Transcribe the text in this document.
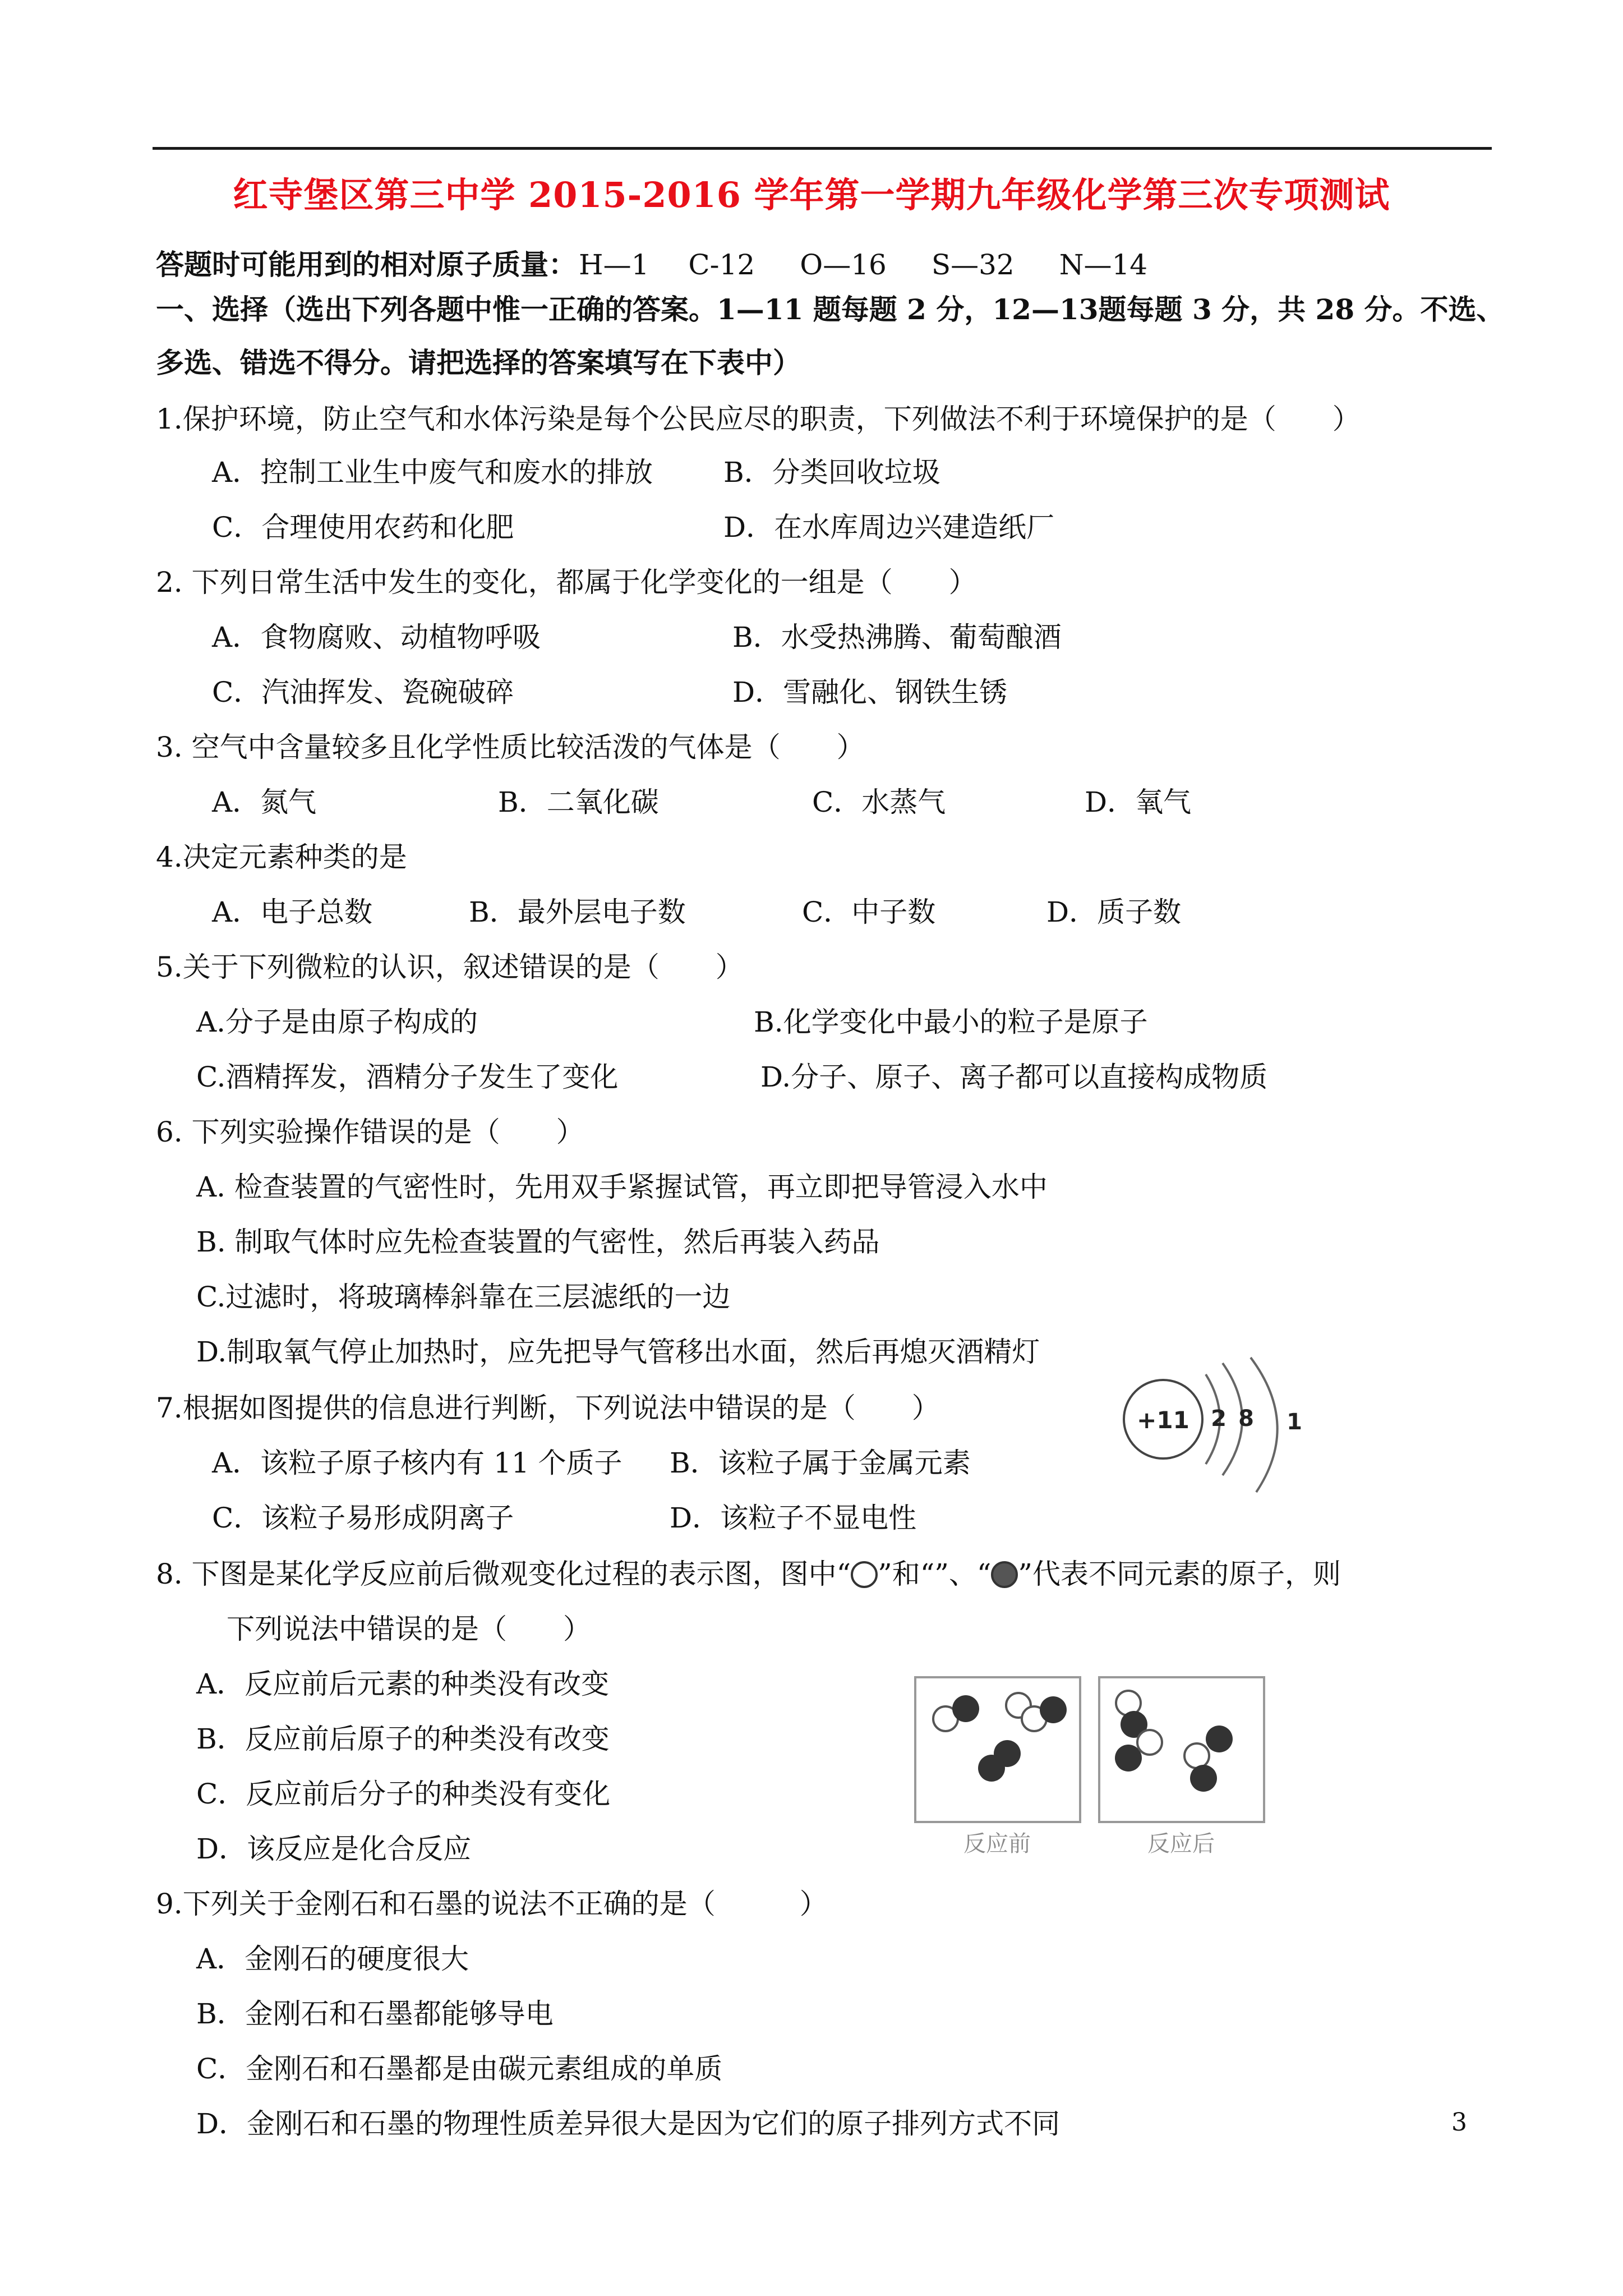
红寺堡区第三中学 2015-2016 学年第一学期九年级化学第三次专项测试
答题时可能用到的相对原子质量：H—1 C-12 O—16 S—32 N—14
一、选择（选出下列各题中惟一正确的答案。1—11 题每题 2 分，12—13题每题 3 分，共 28 分。不选、
多选、错选不得分。请把选择的答案填写在下表中）
1.保护环境，防止空气和水体污染是每个公民应尽的职责，下列做法不利于环境保护的是（　　）
A．控制工业生中废气和废水的排放	B．分类回收垃圾
C．合理使用农药和化肥	D．在水库周边兴建造纸厂
2. 下列日常生活中发生的变化，都属于化学变化的一组是（　　）
A．食物腐败、动植物呼吸	B．水受热沸腾、葡萄酿酒
C．汽油挥发、瓷碗破碎	D．雪融化、钢铁生锈
3. 空气中含量较多且化学性质比较活泼的气体是（　　）
A．氮气	B．二氧化碳	C．水蒸气	D．氧气
4.决定元素种类的是
A．电子总数	B．最外层电子数	C．中子数	D．质子数
5.关于下列微粒的认识，叙述错误的是（　　）
A.分子是由原子构成的	B.化学变化中最小的粒子是原子
C.酒精挥发，酒精分子发生了变化	D.分子、原子、离子都可以直接构成物质
6. 下列实验操作错误的是（　　）
A. 检查装置的气密性时，先用双手紧握试管，再立即把导管浸入水中
B. 制取气体时应先检查装置的气密性，然后再装入药品
C.过滤时，将玻璃棒斜靠在三层滤纸的一边
D.制取氧气停止加热时，应先把导气管移出水面，然后再熄灭酒精灯
7.根据如图提供的信息进行判断，下列说法中错误的是（　　）
A．该粒子原子核内有 11 个质子 B．该粒子属于金属元素
C．该粒子易形成阴离子	D．该粒子不显电性
+11 2 8 1
8. 下图是某化学反应前后微观变化过程的表示图，图中“ ”和“”、“ ”代表不同元素的原子，则
下列说法中错误的是（　　）
A．反应前后元素的种类没有改变
B．反应前后原子的种类没有改变
C．反应前后分子的种类没有变化
D．该反应是化合反应	反应前	反应后
9.下列关于金刚石和石墨的说法不正确的是（　　　）
A．金刚石的硬度很大
B．金刚石和石墨都能够导电
C．金刚石和石墨都是由碳元素组成的单质
D．金刚石和石墨的物理性质差异很大是因为它们的原子排列方式不同	3
